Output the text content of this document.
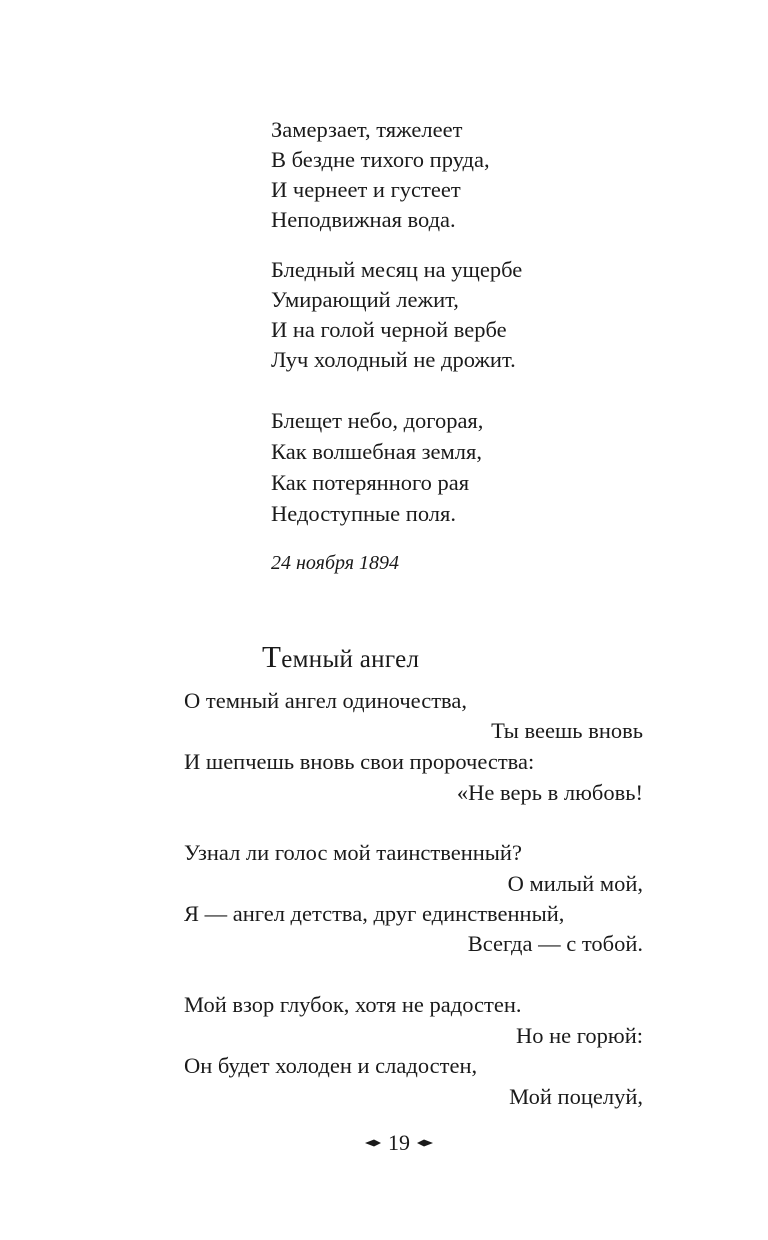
Замерзает, тяжелеет
В бездне тихого пруда,
И чернеет и густеет
Неподвижная вода.
Бледный месяц на ущербе
Умирающий лежит,
И на голой черной вербе
Луч холодный не дрожит.
Блещет небо, догорая,
Как волшебная земля,
Как потерянного рая
Недоступные поля.
24 ноября 1894
Темный ангел
О темный ангел одиночества,
Ты веешь вновь
И шепчешь вновь свои пророчества:
«Не верь в любовь!
Узнал ли голос мой таинственный?
О милый мой,
Я — ангел детства, друг единственный,
Всегда — с тобой.
Мой взор глубок, хотя не радостен.
Но не горюй:
Он будет холоден и сладостен,
Мой поцелуй,
19
